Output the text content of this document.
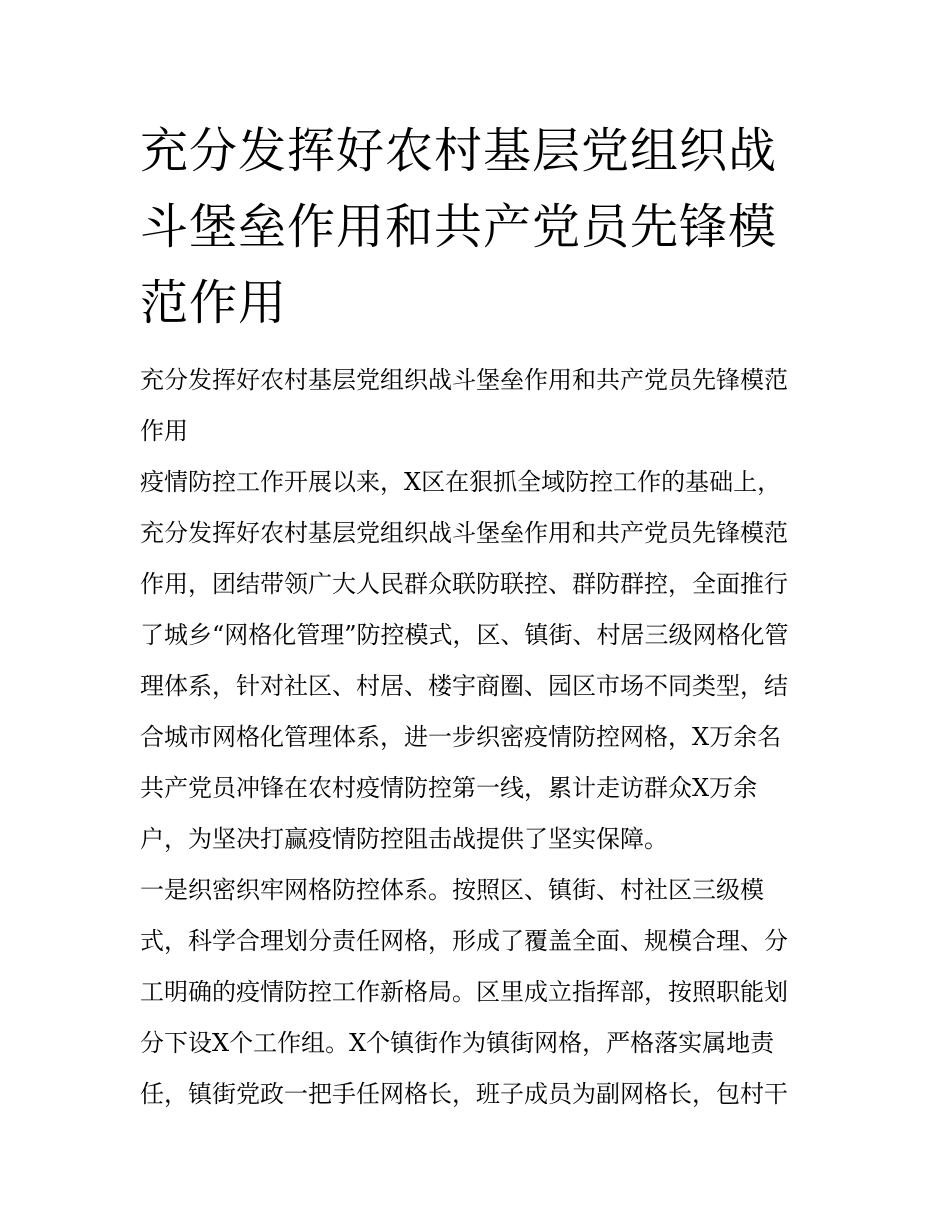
充分发挥好农村基层党组织战
斗堡垒作用和共产党员先锋模
范作用

充分发挥好农村基层党组织战斗堡垒作用和共产党员先锋模范
作用

疫情防控工作开展以来，X区在狠抓全域防控工作的基础上，
充分发挥好农村基层党组织战斗堡垒作用和共产党员先锋模范
作用，团结带领广大人民群众联防联控、群防群控，全面推行
了城乡“网格化管理”防控模式，区、镇街、村居三级网格化管
理体系，针对社区、村居、楼宇商圈、园区市场不同类型，结
合城市网格化管理体系，进一步织密疫情防控网格，X万余名
共产党员冲锋在农村疫情防控第一线，累计走访群众X万余
户，为坚决打赢疫情防控阻击战提供了坚实保障。

一是织密织牢网格防控体系。按照区、镇街、村社区三级模
式，科学合理划分责任网格，形成了覆盖全面、规模合理、分
工明确的疫情防控工作新格局。区里成立指挥部，按照职能划
分下设X个工作组。X个镇街作为镇街网格，严格落实属地责
任，镇街党政一把手任网格长，班子成员为副网格长，包村干
